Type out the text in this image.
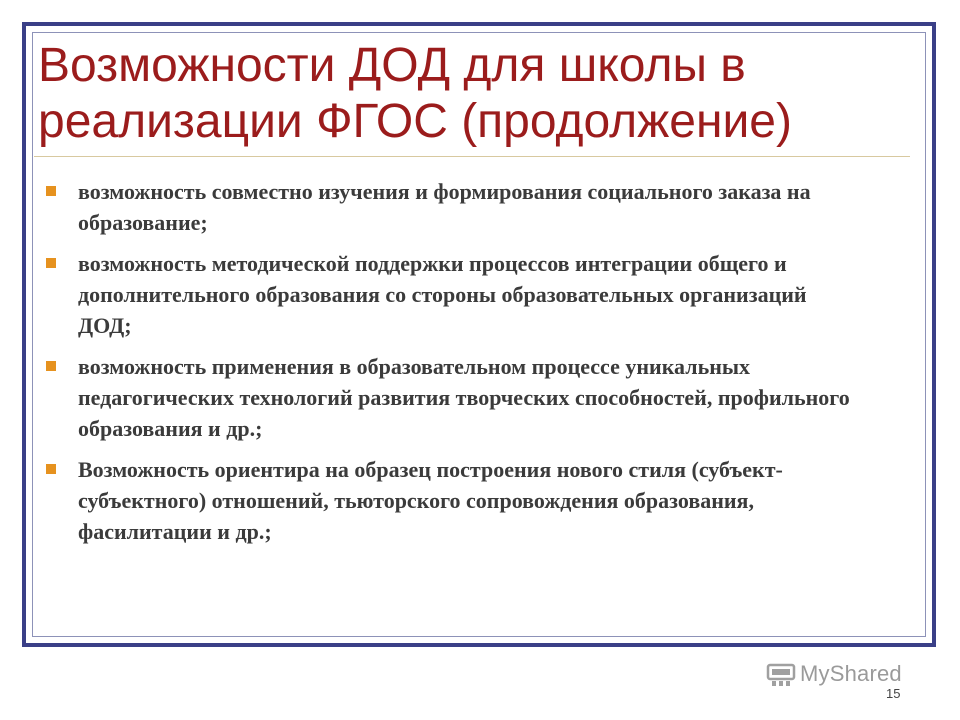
Возможности ДОД для школы в реализации ФГОС (продолжение)
возможность совместно изучения и формирования социального заказа на образование;
возможность методической поддержки процессов интеграции общего и дополнительного образования со стороны образовательных организаций ДОД;
возможность применения в образовательном процессе уникальных педагогических технологий развития творческих способностей, профильного образования и др.;
Возможность ориентира на образец построения нового стиля (субъект-субъектного) отношений, тьюторского сопровождения образования, фасилитации и др.;
MyShared
15
